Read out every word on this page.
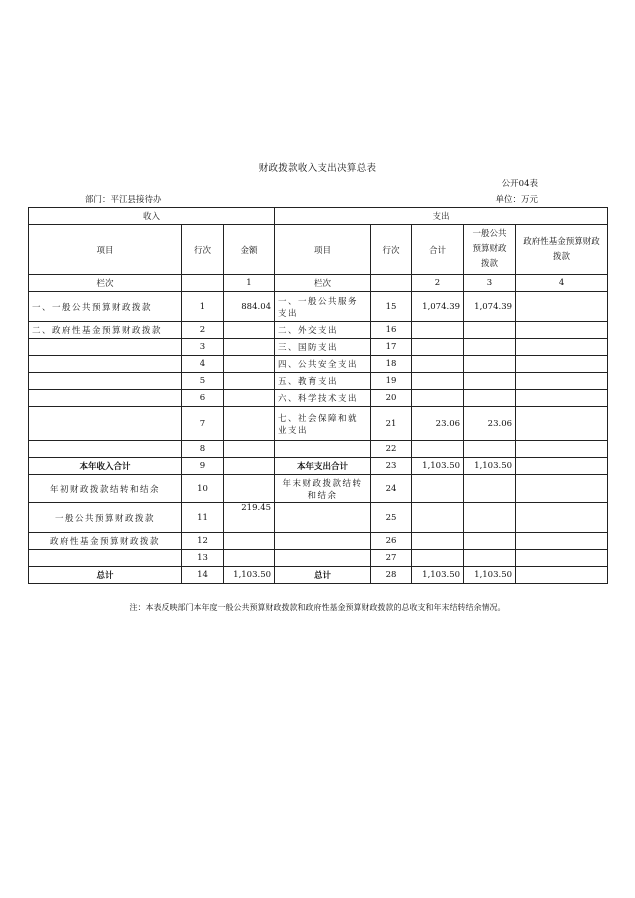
财政拨款收入支出决算总表
公开04表
部门：平江县接待办	单位：万元
收入			支出				
项目	行次	金额	项目	行次	合计	一般公共预算财政拨款	政府性基金预算财政拨款
栏次		1	栏次		2	3	4
一、一般公共预算财政拨款	1	884.04	一、一般公共服务支出	15	1,074.39	1,074.39	
二、政府性基金预算财政拨款	2		二、外交支出	16			
	3		三、国防支出	17			
	4		四、公共安全支出	18			
	5		五、教育支出	19			
	6		六、科学技术支出	20			
	7		七、社会保障和就业支出	21	23.06	23.06	
	8			22			
本年收入合计	9		本年支出合计	23	1,103.50	1,103.50	
年初财政拨款结转和结余	10		年末财政拨款结转和结余	24			
一般公共预算财政拨款	11	219.45		25			
政府性基金预算财政拨款	12			26			
	13			27			
总计	14	1,103.50	总计	28	1,103.50	1,103.50	
注：本表反映部门本年度一般公共预算财政拨款和政府性基金预算财政拨款的总收支和年末结转结余情况。
